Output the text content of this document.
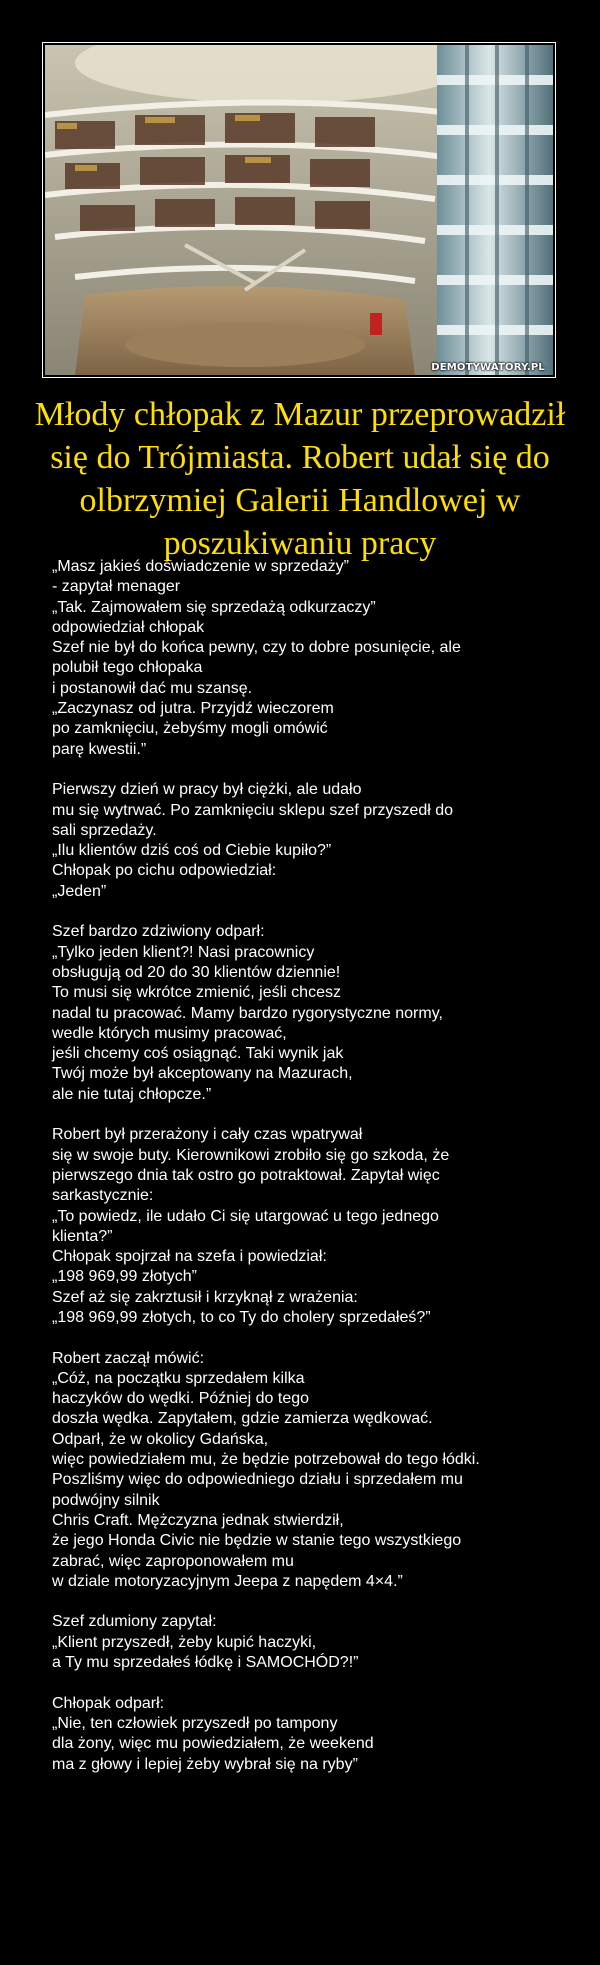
DEMOTYWATORY.PL
Młody chłopak z Mazur przeprowadził się do Trójmiasta. Robert udał się do olbrzymiej Galerii Handlowej w poszukiwaniu pracy

„Masz jakieś doświadczenie w sprzedaży”
- zapytał menager
„Tak. Zajmowałem się sprzedażą odkurzaczy”
odpowiedział chłopak
Szef nie był do końca pewny, czy to dobre posunięcie, ale
polubił tego chłopaka
i postanowił dać mu szansę.
„Zaczynasz od jutra. Przyjdź wieczorem
po zamknięciu, żebyśmy mogli omówić
parę kwestii.”

Pierwszy dzień w pracy był ciężki, ale udało
mu się wytrwać. Po zamknięciu sklepu szef przyszedł do
sali sprzedaży.
„Ilu klientów dziś coś od Ciebie kupiło?”
Chłopak po cichu odpowiedział:
„Jeden”

Szef bardzo zdziwiony odparł:
„Tylko jeden klient?! Nasi pracownicy
obsługują od 20 do 30 klientów dziennie!
To musi się wkrótce zmienić, jeśli chcesz
nadal tu pracować. Mamy bardzo rygorystyczne normy,
wedle których musimy pracować,
jeśli chcemy coś osiągnąć. Taki wynik jak
Twój może był akceptowany na Mazurach,
ale nie tutaj chłopcze.”

Robert był przerażony i cały czas wpatrywał
się w swoje buty. Kierownikowi zrobiło się go szkoda, że
pierwszego dnia tak ostro go potraktował. Zapytał więc
sarkastycznie:
„To powiedz, ile udało Ci się utargować u tego jednego
klienta?”
Chłopak spojrzał na szefa i powiedział:
„198 969,99 złotych”
Szef aż się zakrztusił i krzyknął z wrażenia:
„198 969,99 złotych, to co Ty do cholery sprzedałeś?”

Robert zaczął mówić:
„Cóż, na początku sprzedałem kilka
haczyków do wędki. Później do tego
doszła wędka. Zapytałem, gdzie zamierza wędkować.
Odparł, że w okolicy Gdańska,
więc powiedziałem mu, że będzie potrzebował do tego łódki.
Poszliśmy więc do odpowiedniego działu i sprzedałem mu
podwójny silnik
Chris Craft. Mężczyzna jednak stwierdził,
że jego Honda Civic nie będzie w stanie tego wszystkiego
zabrać, więc zaproponowałem mu
w dziale motoryzacyjnym Jeepa z napędem 4×4.”

Szef zdumiony zapytał:
„Klient przyszedł, żeby kupić haczyki,
a Ty mu sprzedałeś łódkę i SAMOCHÓD?!”

Chłopak odparł:
„Nie, ten człowiek przyszedł po tampony
dla żony, więc mu powiedziałem, że weekend
ma z głowy i lepiej żeby wybrał się na ryby”
